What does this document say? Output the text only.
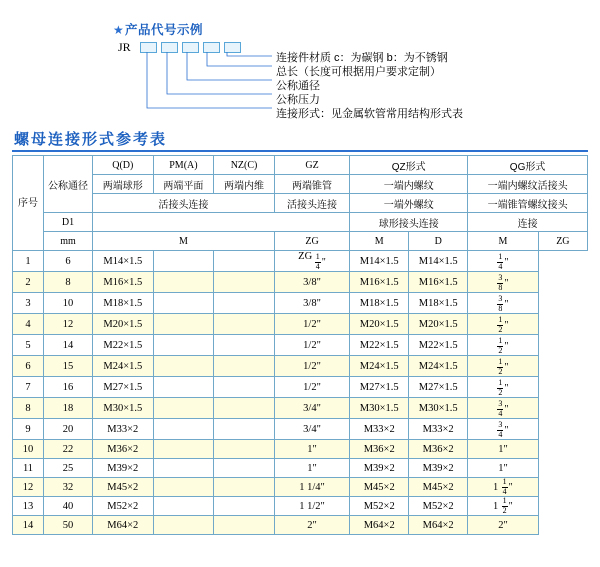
★ 产品代号示例
JR
连接件材质 c：为碳钢 b：为不锈钢
总长（长度可根据用户要求定制）
公称通径
公称压力
连接形式：见金属软管常用结构形式表
螺母连接形式参考表
序号	公称通径	Q(D)	PM(A)	NZ(C)	GZ	QZ形式		QG形式	
		两端球形	两端平面	两端内维	两端锥管	一端内螺纹		一端内螺纹活接头	
		活接头连接			活接头连接	一端外螺纹		一端锥管螺纹接头	
	D1					球形接头连接		连接	
	mm	M			ZG	M	D	M	ZG
1	6	M14×1.5			ZG $\frac{1}{4}$ "	M14×1.5	M14×1.5	$\frac{1}{4}$ "	
2	8	M16×1.5			3/8"	M16×1.5	M16×1.5	$\frac{3}{8}$ "	
3	10	M18×1.5			3/8"	M18×1.5	M18×1.5	$\frac{3}{8}$ "	
4	12	M20×1.5			1/2"	M20×1.5	M20×1.5	$\frac{1}{2}$ "	
5	14	M22×1.5			1/2"	M22×1.5	M22×1.5	$\frac{1}{2}$ "	
6	15	M24×1.5			1/2"	M24×1.5	M24×1.5	$\frac{1}{2}$ "	
7	16	M27×1.5			1/2"	M27×1.5	M27×1.5	$\frac{1}{2}$ "	
8	18	M30×1.5			3/4"	M30×1.5	M30×1.5	$\frac{3}{4}$ "	
9	20	M33×2			3/4"	M33×2	M33×2	$\frac{3}{4}$ "	
10	22	M36×2			1"	M36×2	M36×2	1"	
11	25	M39×2			1"	M39×2	M39×2	1"	
12	32	M45×2			1 1/4"	M45×2	M45×2	$1 \frac{1}{4}$ "	
13	40	M52×2			1 1/2"	M52×2	M52×2	$1 \frac{1}{2}$ "	
14	50	M64×2			2"	M64×2	M64×2	2"	
